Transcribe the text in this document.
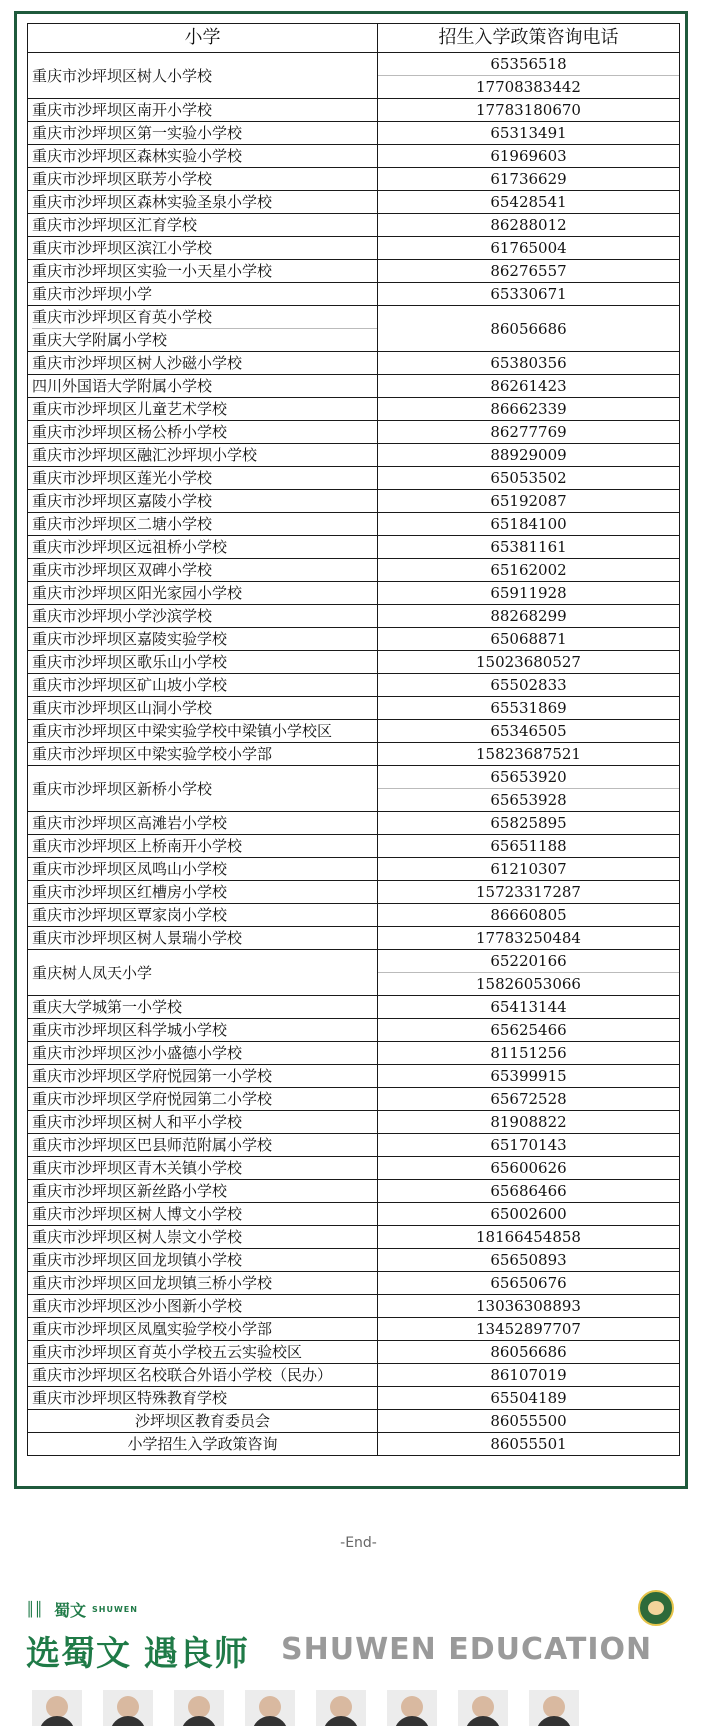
小学	招生入学政策咨询电话
重庆市沙坪坝区树人小学校	65356518
17708383442

重庆市沙坪坝区南开小学校	17783180670
重庆市沙坪坝区第一实验小学校	65313491
重庆市沙坪坝区森林实验小学校	61969603
重庆市沙坪坝区联芳小学校	61736629
重庆市沙坪坝区森林实验圣泉小学校	65428541
重庆市沙坪坝区汇育学校	86288012
重庆市沙坪坝区滨江小学校	61765004
重庆市沙坪坝区实验一小天星小学校	86276557
重庆市沙坪坝小学	65330671

重庆市沙坪坝区育英小学校
重庆大学附属小学校	86056686
重庆市沙坪坝区树人沙磁小学校	65380356
四川外国语大学附属小学校	86261423
重庆市沙坪坝区儿童艺术学校	86662339
重庆市沙坪坝区杨公桥小学校	86277769
重庆市沙坪坝区融汇沙坪坝小学校	88929009
重庆市沙坪坝区莲光小学校	65053502
重庆市沙坪坝区嘉陵小学校	65192087
重庆市沙坪坝区二塘小学校	65184100
重庆市沙坪坝区远祖桥小学校	65381161
重庆市沙坪坝区双碑小学校	65162002
重庆市沙坪坝区阳光家园小学校	65911928
重庆市沙坪坝小学沙滨学校	88268299
重庆市沙坪坝区嘉陵实验学校	65068871
重庆市沙坪坝区歌乐山小学校	15023680527
重庆市沙坪坝区矿山坡小学校	65502833
重庆市沙坪坝区山洞小学校	65531869
重庆市沙坪坝区中梁实验学校中梁镇小学校区	65346505
重庆市沙坪坝区中梁实验学校小学部	15823687521
重庆市沙坪坝区新桥小学校	65653920
65653928

重庆市沙坪坝区高滩岩小学校	65825895
重庆市沙坪坝区上桥南开小学校	65651188
重庆市沙坪坝区凤鸣山小学校	61210307
重庆市沙坪坝区红槽房小学校	15723317287
重庆市沙坪坝区覃家岗小学校	86660805
重庆市沙坪坝区树人景瑞小学校	17783250484
重庆树人凤天小学	65220166
15826053066

重庆大学城第一小学校	65413144
重庆市沙坪坝区科学城小学校	65625466
重庆市沙坪坝区沙小盛德小学校	81151256
重庆市沙坪坝区学府悦园第一小学校	65399915
重庆市沙坪坝区学府悦园第二小学校	65672528
重庆市沙坪坝区树人和平小学校	81908822
重庆市沙坪坝区巴县师范附属小学校	65170143
重庆市沙坪坝区青木关镇小学校	65600626
重庆市沙坪坝区新丝路小学校	65686466
重庆市沙坪坝区树人博文小学校	65002600
重庆市沙坪坝区树人崇文小学校	18166454858
重庆市沙坪坝区回龙坝镇小学校	65650893
重庆市沙坪坝区回龙坝镇三桥小学校	65650676
重庆市沙坪坝区沙小图新小学校	13036308893
重庆市沙坪坝区凤凰实验学校小学部	13452897707
重庆市沙坪坝区育英小学校五云实验校区	86056686
重庆市沙坪坝区名校联合外语小学校（民办）	86107019
重庆市沙坪坝区特殊教育学校	65504189
沙坪坝区教育委员会	86055500
小学招生入学政策咨询	86055501
-End-
║║ 蜀文 SHUWEN
选蜀文 遇良师 SHUWEN EDUCATION
